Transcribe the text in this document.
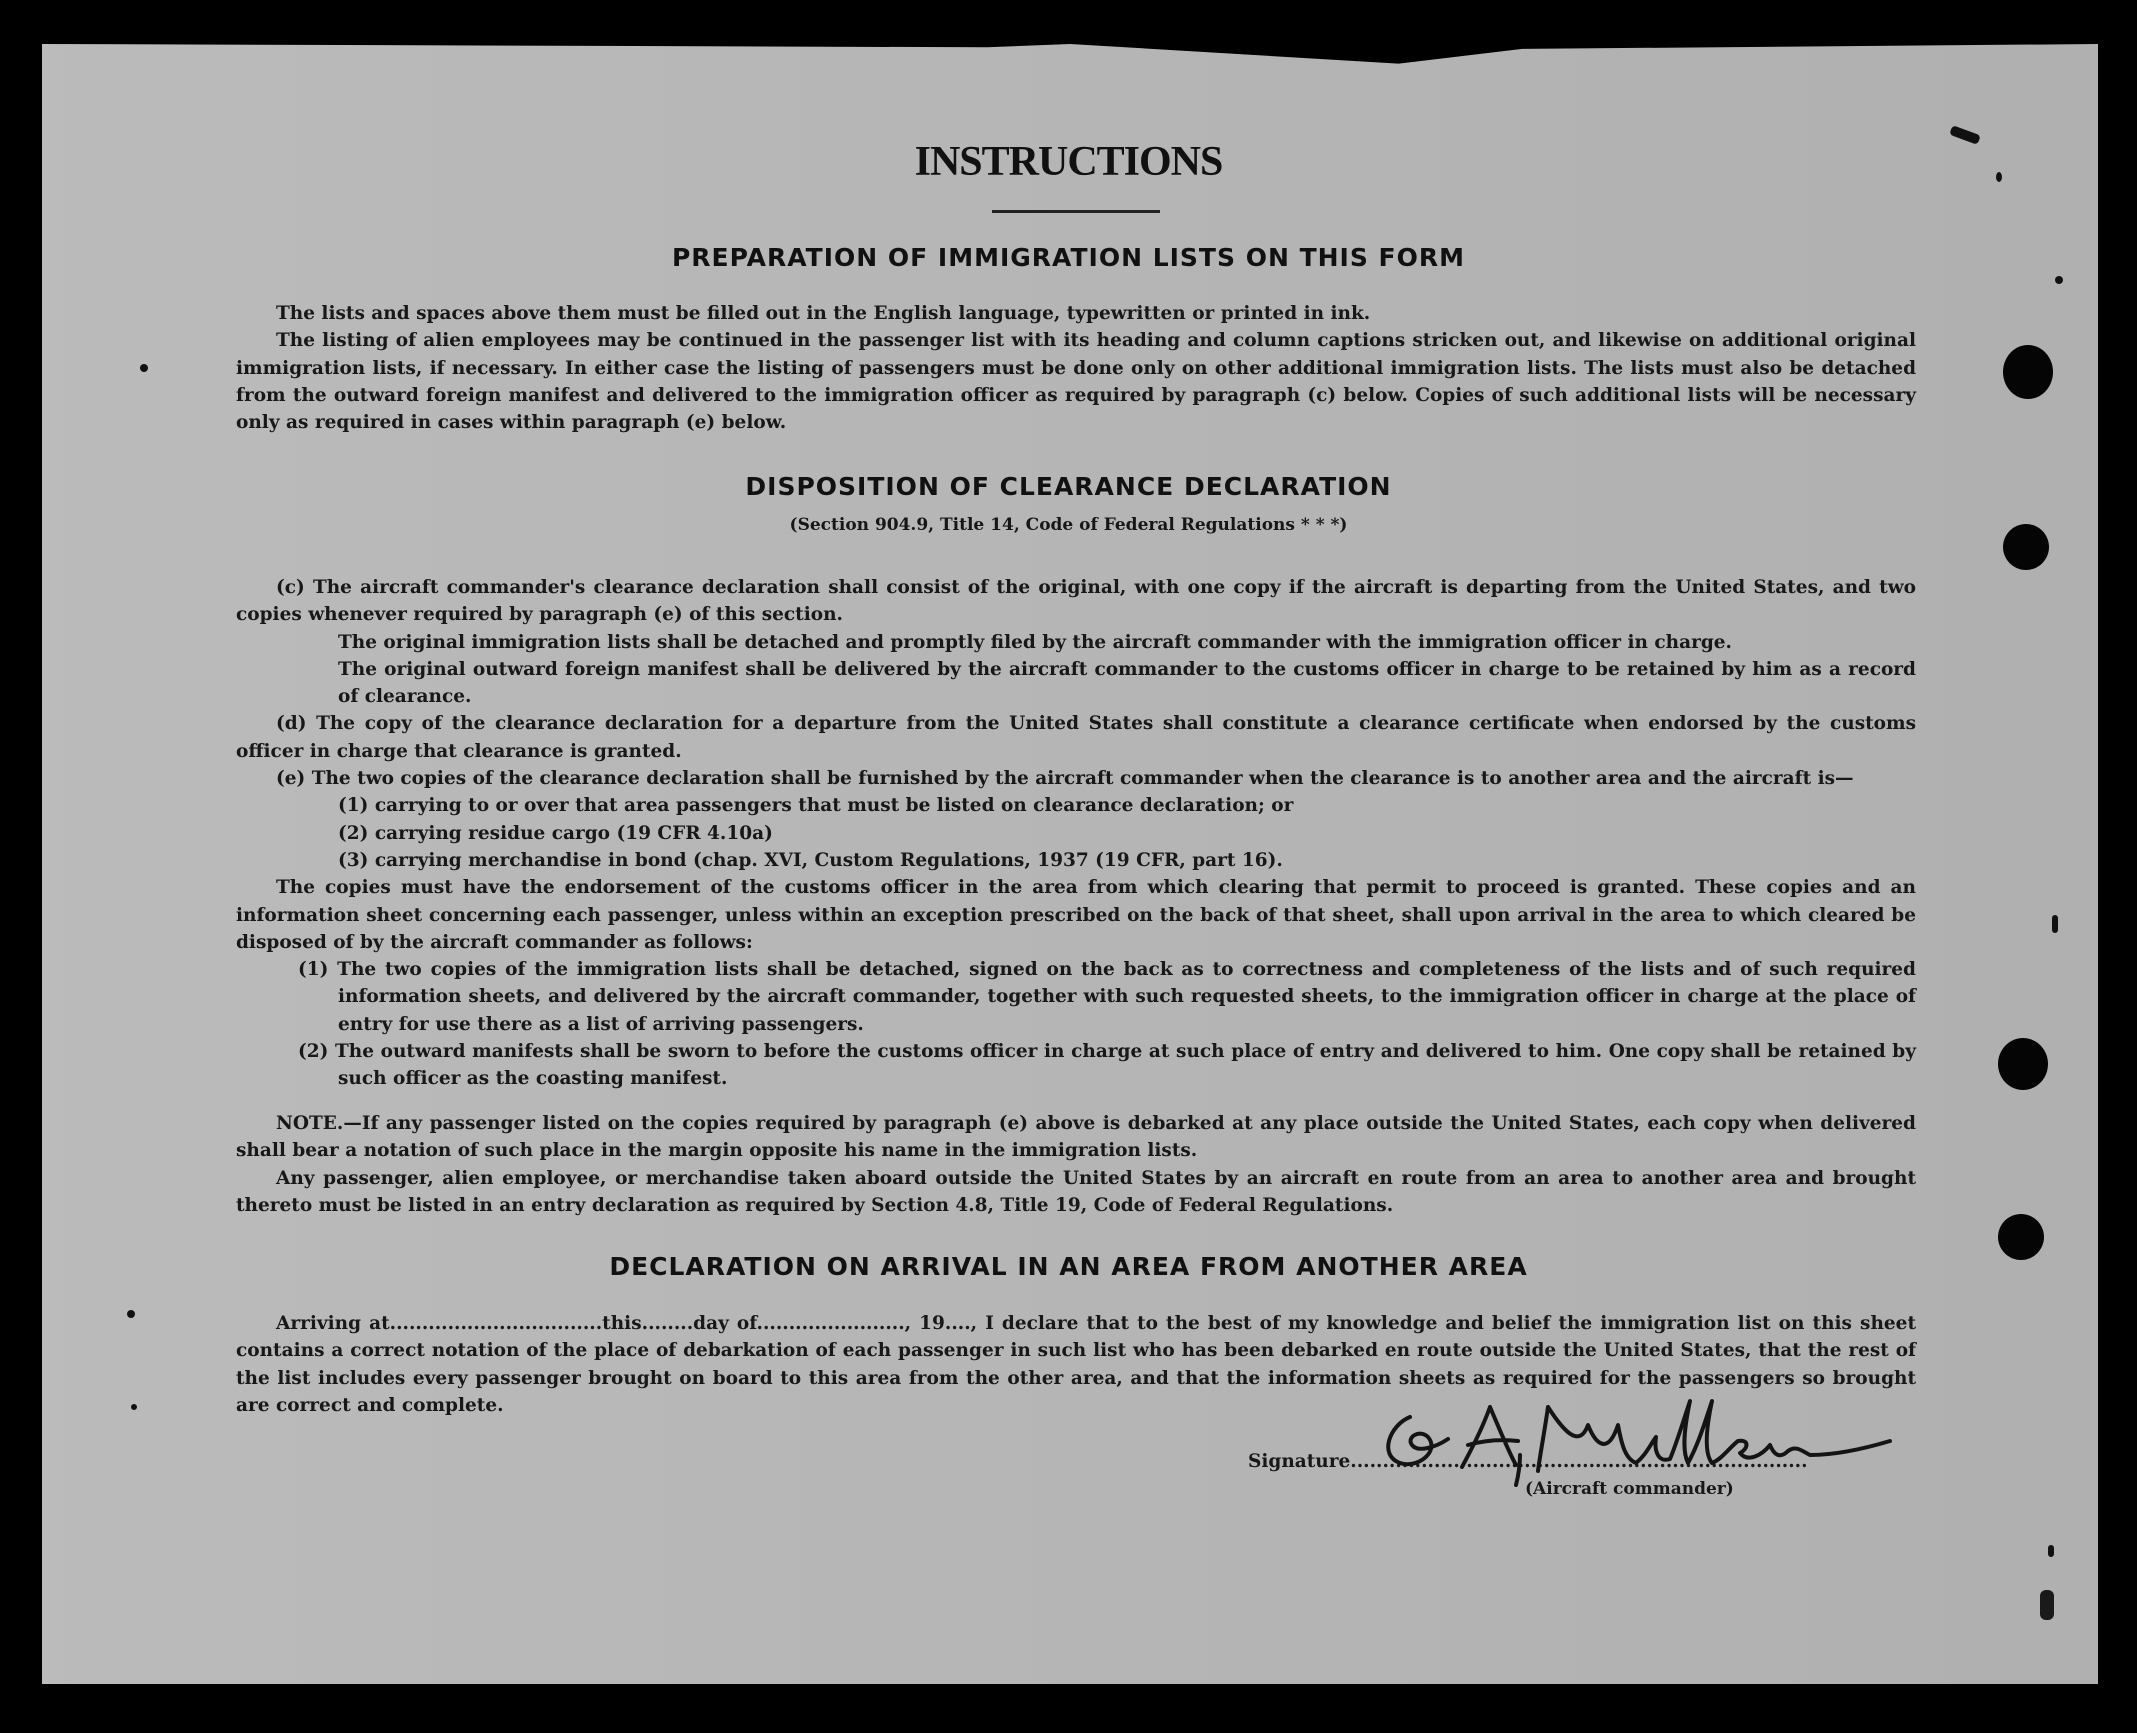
INSTRUCTIONS
PREPARATION OF IMMIGRATION LISTS ON THIS FORM

The lists and spaces above them must be filled out in the English language, typewritten or printed in ink.

The listing of alien employees may be continued in the passenger list with its heading and column captions stricken out, and likewise on additional original immigration lists, if necessary. In either case the listing of passengers must be done only on other additional immigration lists. The lists must also be detached from the outward foreign manifest and delivered to the immigration officer as required by paragraph (c) below. Copies of such additional lists will be necessary only as required in cases within paragraph (e) below.

DISPOSITION OF CLEARANCE DECLARATION
(Section 904.9, Title 14, Code of Federal Regulations * * *)

(c) The aircraft commander's clearance declaration shall consist of the original, with one copy if the aircraft is departing from the United States, and two copies whenever required by paragraph (e) of this section.

The original immigration lists shall be detached and promptly filed by the aircraft commander with the immigration officer in charge.

The original outward foreign manifest shall be delivered by the aircraft commander to the customs officer in charge to be retained by him as a record of clearance.

(d) The copy of the clearance declaration for a departure from the United States shall constitute a clearance certificate when endorsed by the customs officer in charge that clearance is granted.

(e) The two copies of the clearance declaration shall be furnished by the aircraft commander when the clearance is to another area and the aircraft is—

(1) carrying to or over that area passengers that must be listed on clearance declaration; or

(2) carrying residue cargo (19 CFR 4.10a)

(3) carrying merchandise in bond (chap. XVI, Custom Regulations, 1937 (19 CFR, part 16).

The copies must have the endorsement of the customs officer in the area from which clearing that permit to proceed is granted. These copies and an information sheet concerning each passenger, unless within an exception prescribed on the back of that sheet, shall upon arrival in the area to which cleared be disposed of by the aircraft commander as follows:

(1) The two copies of the immigration lists shall be detached, signed on the back as to correctness and completeness of the lists and of such required information sheets, and delivered by the aircraft commander, together with such requested sheets, to the immigration officer in charge at the place of entry for use there as a list of arriving passengers.

(2) The outward manifests shall be sworn to before the customs officer in charge at such place of entry and delivered to him. One copy shall be retained by such officer as the coasting manifest.

NOTE.—If any passenger listed on the copies required by paragraph (e) above is debarked at any place outside the United States, each copy when delivered shall bear a notation of such place in the margin opposite his name in the immigration lists.

Any passenger, alien employee, or merchandise taken aboard outside the United States by an aircraft en route from an area to another area and brought thereto must be listed in an entry declaration as required by Section 4.8, Title 19, Code of Federal Regulations.

DECLARATION ON ARRIVAL IN AN AREA FROM ANOTHER AREA

Arriving at.................................this........day of......................., 19...., I declare that to the best of my knowledge and belief the immigration list on this sheet contains a correct notation of the place of debarkation of each passenger in such list who has been debarked en route outside the United States, that the rest of the list includes every passenger brought on board to this area from the other area, and that the information sheets as required for the passengers so brought are correct and complete.

Signature.......................................................................
(Aircraft commander)
